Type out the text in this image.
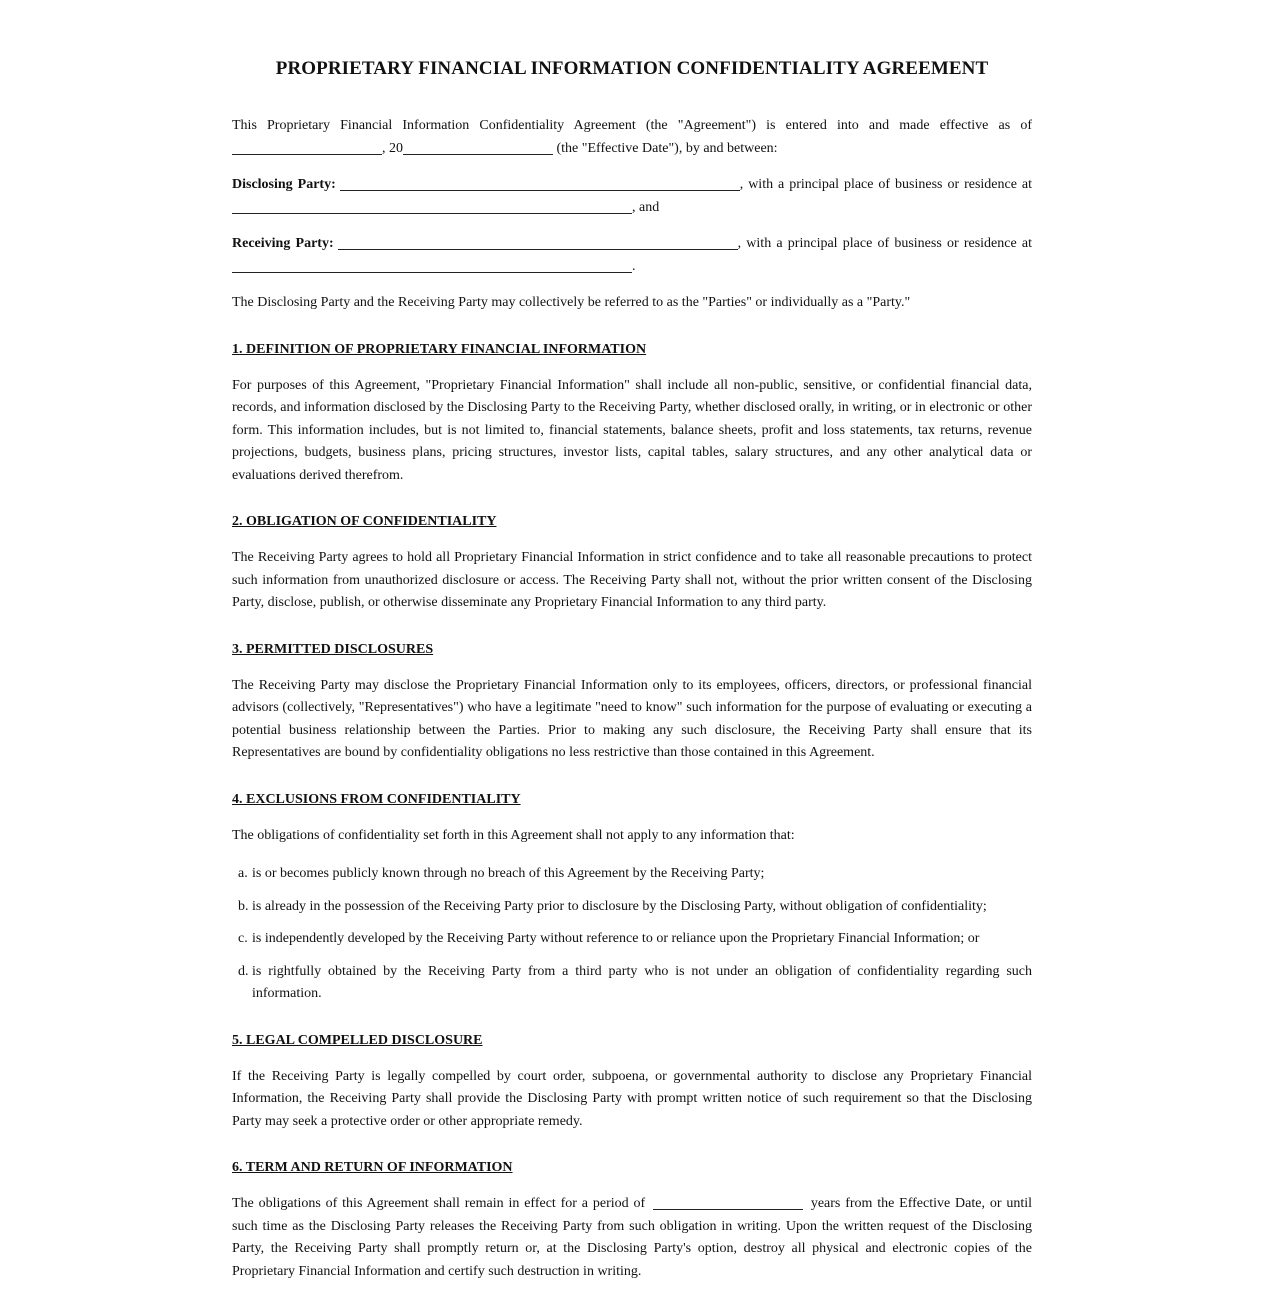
PROPRIETARY FINANCIAL INFORMATION CONFIDENTIALITY AGREEMENT

This Proprietary Financial Information Confidentiality Agreement (the "Agreement") is entered into and made effective as of , 20	(the "Effective Date"), by and between:

Disclosing Party:	, with a principal place of business or residence at , and

Receiving Party:	, with a principal place of business or residence at .

The Disclosing Party and the Receiving Party may collectively be referred to as the "Parties" or individually as a "Party."

1. DEFINITION OF PROPRIETARY FINANCIAL INFORMATION

For purposes of this Agreement, "Proprietary Financial Information" shall include all non-public, sensitive, or confidential financial data, records, and information disclosed by the Disclosing Party to the Receiving Party, whether disclosed orally, in writing, or in electronic or other form. This information includes, but is not limited to, financial statements, balance sheets, profit and loss statements, tax returns, revenue projections, budgets, business plans, pricing structures, investor lists, capital tables, salary structures, and any other analytical data or evaluations derived therefrom.

2. OBLIGATION OF CONFIDENTIALITY

The Receiving Party agrees to hold all Proprietary Financial Information in strict confidence and to take all reasonable precautions to protect such information from unauthorized disclosure or access. The Receiving Party shall not, without the prior written consent of the Disclosing Party, disclose, publish, or otherwise disseminate any Proprietary Financial Information to any third party.

3. PERMITTED DISCLOSURES

The Receiving Party may disclose the Proprietary Financial Information only to its employees, officers, directors, or professional financial advisors (collectively, "Representatives") who have a legitimate "need to know" such information for the purpose of evaluating or executing a potential business relationship between the Parties. Prior to making any such disclosure, the Receiving Party shall ensure that its Representatives are bound by confidentiality obligations no less restrictive than those contained in this Agreement.

4. EXCLUSIONS FROM CONFIDENTIALITY

The obligations of confidentiality set forth in this Agreement shall not apply to any information that:

a. is or becomes publicly known through no breach of this Agreement by the Receiving Party;
b. is already in the possession of the Receiving Party prior to disclosure by the Disclosing Party, without obligation of confidentiality;
c. is independently developed by the Receiving Party without reference to or reliance upon the Proprietary Financial Information; or
d. is rightfully obtained by the Receiving Party from a third party who is not under an obligation of confidentiality regarding such information.
5. LEGAL COMPELLED DISCLOSURE

If the Receiving Party is legally compelled by court order, subpoena, or governmental authority to disclose any Proprietary Financial Information, the Receiving Party shall provide the Disclosing Party with prompt written notice of such requirement so that the Disclosing Party may seek a protective order or other appropriate remedy.

6. TERM AND RETURN OF INFORMATION

The obligations of this Agreement shall remain in effect for a period of	years from the Effective Date, or until such time as the Disclosing Party releases the Receiving Party from such obligation in writing. Upon the written request of the Disclosing Party, the Receiving Party shall promptly return or, at the Disclosing Party's option, destroy all physical and electronic copies of the Proprietary Financial Information and certify such destruction in writing.
